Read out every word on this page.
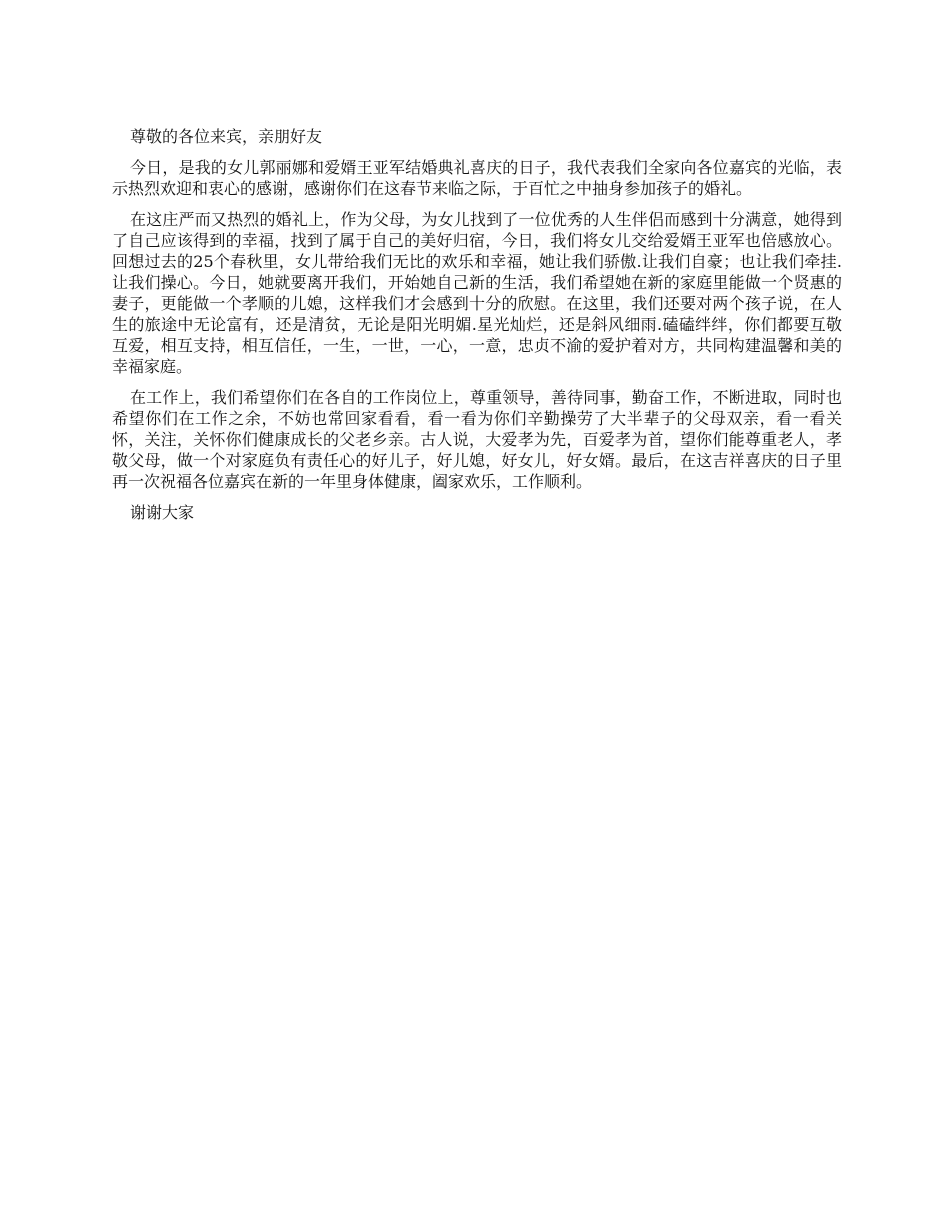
尊敬的各位来宾，亲朋好友

今日，是我的女儿郭丽娜和爱婿王亚军结婚典礼喜庆的日子，我代表我们全家向各位嘉宾的光临，表示热烈欢迎和衷心的感谢，感谢你们在这春节来临之际，于百忙之中抽身参加孩子的婚礼。

在这庄严而又热烈的婚礼上，作为父母，为女儿找到了一位优秀的人生伴侣而感到十分满意，她得到了自己应该得到的幸福，找到了属于自己的美好归宿，今日，我们将女儿交给爱婿王亚军也倍感放心。回想过去的25个春秋里，女儿带给我们无比的欢乐和幸福，她让我们骄傲.让我们自豪；也让我们牵挂.让我们操心。今日，她就要离开我们，开始她自己新的生活，我们希望她在新的家庭里能做一个贤惠的妻子，更能做一个孝顺的儿媳，这样我们才会感到十分的欣慰。在这里，我们还要对两个孩子说，在人生的旅途中无论富有，还是清贫，无论是阳光明媚.星光灿烂，还是斜风细雨.磕磕绊绊，你们都要互敬互爱，相互支持，相互信任，一生，一世，一心，一意，忠贞不渝的爱护着对方，共同构建温馨和美的幸福家庭。

在工作上，我们希望你们在各自的工作岗位上，尊重领导，善待同事，勤奋工作，不断进取，同时也希望你们在工作之余，不妨也常回家看看，看一看为你们辛勤操劳了大半辈子的父母双亲，看一看关怀，关注，关怀你们健康成长的父老乡亲。古人说，大爱孝为先，百爱孝为首，望你们能尊重老人，孝敬父母，做一个对家庭负有责任心的好儿子，好儿媳，好女儿，好女婿。最后，在这吉祥喜庆的日子里再一次祝福各位嘉宾在新的一年里身体健康，阖家欢乐，工作顺利。

谢谢大家
